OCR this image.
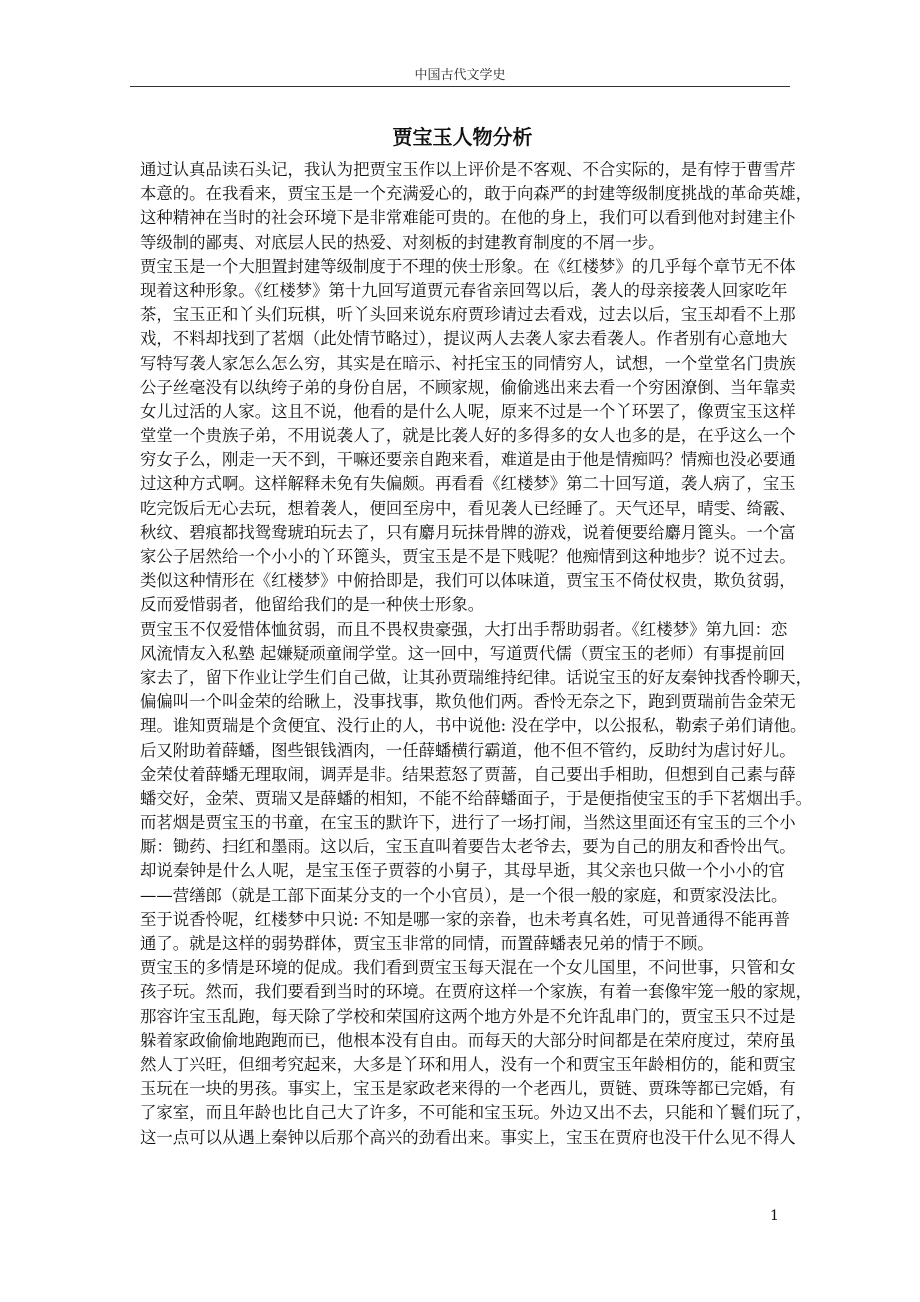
中国古代文学史
贾宝玉人物分析
通过认真品读石头记，我认为把贾宝玉作以上评价是不客观、不合实际的，是有悖于曹雪芹
本意的。在我看来，贾宝玉是一个充满爱心的，敢于向森严的封建等级制度挑战的革命英雄，
这种精神在当时的社会环境下是非常难能可贵的。在他的身上，我们可以看到他对封建主仆
等级制的鄙夷、对底层人民的热爱、对刻板的封建教育制度的不屑一步。
贾宝玉是一个大胆置封建等级制度于不理的侠士形象。在《红楼梦》的几乎每个章节无不体
现着这种形象。《红楼梦》第十九回写道贾元春省亲回驾以后，袭人的母亲接袭人回家吃年
茶，宝玉正和丫头们玩棋，听丫头回来说东府贾珍请过去看戏，过去以后，宝玉却看不上那
戏，不料却找到了茗烟（此处情节略过），提议两人去袭人家去看袭人。作者别有心意地大
写特写袭人家怎么怎么穷，其实是在暗示、衬托宝玉的同情穷人，试想，一个堂堂名门贵族
公子丝毫没有以纨绔子弟的身份自居，不顾家规，偷偷逃出来去看一个穷困潦倒、当年靠卖
女儿过活的人家。这且不说，他看的是什么人呢，原来不过是一个丫环罢了，像贾宝玉这样
堂堂一个贵族子弟，不用说袭人了，就是比袭人好的多得多的女人也多的是，在乎这么一个
穷女子么，刚走一天不到，干嘛还要亲自跑来看，难道是由于他是情痴吗？情痴也没必要通
过这种方式啊。这样解释未免有失偏颇。再看看《红楼梦》第二十回写道，袭人病了，宝玉
吃完饭后无心去玩，想着袭人，便回至房中，看见袭人已经睡了。天气还早，晴雯、绮霰、
秋纹、碧痕都找鸳鸯琥珀玩去了，只有麝月玩抹骨牌的游戏，说着便要给麝月篦头。一个富
家公子居然给一个小小的丫环篦头，贾宝玉是不是下贱呢？他痴情到这种地步？说不过去。
类似这种情形在《红楼梦》中俯拾即是，我们可以体味道，贾宝玉不倚仗权贵，欺负贫弱，
反而爱惜弱者，他留给我们的是一种侠士形象。
贾宝玉不仅爱惜体恤贫弱，而且不畏权贵豪强，大打出手帮助弱者。《红楼梦》第九回：恋
风流情友入私塾 起嫌疑顽童闹学堂。这一回中，写道贾代儒（贾宝玉的老师）有事提前回
家去了，留下作业让学生们自己做，让其孙贾瑞维持纪律。话说宝玉的好友秦钟找香怜聊天，
偏偏叫一个叫金荣的给瞅上，没事找事，欺负他们两。香怜无奈之下，跑到贾瑞前告金荣无
理。谁知贾瑞是个贪便宜、没行止的人，书中说他: 没在学中，以公报私，勒索子弟们请他。
后又附助着薛蟠，图些银钱酒肉，一任薛蟠横行霸道，他不但不管约，反助纣为虐讨好儿。
金荣仗着薛蟠无理取闹，调弄是非。结果惹怒了贾蔷，自己要出手相助，但想到自己素与薛
蟠交好，金荣、贾瑞又是薛蟠的相知，不能不给薛蟠面子，于是便指使宝玉的手下茗烟出手。
而茗烟是贾宝玉的书童，在宝玉的默许下，进行了一场打闹，当然这里面还有宝玉的三个小
厮：锄药、扫红和墨雨。这以后，宝玉直叫着要告太老爷去，要为自己的朋友和香怜出气。
却说秦钟是什么人呢，是宝玉侄子贾蓉的小舅子，其母早逝，其父亲也只做一个小小的官
——营缮郎（就是工部下面某分支的一个小官员），是一个很一般的家庭，和贾家没法比。
至于说香怜呢，红楼梦中只说: 不知是哪一家的亲眷，也未考真名姓，可见普通得不能再普
通了。就是这样的弱势群体，贾宝玉非常的同情，而置薛蟠表兄弟的情于不顾。
贾宝玉的多情是环境的促成。我们看到贾宝玉每天混在一个女儿国里，不问世事，只管和女
孩子玩。然而，我们要看到当时的环境。在贾府这样一个家族，有着一套像牢笼一般的家规，
那容许宝玉乱跑，每天除了学校和荣国府这两个地方外是不允许乱串门的，贾宝玉只不过是
躲着家政偷偷地跑跑而已，他根本没有自由。而每天的大部分时间都是在荣府度过，荣府虽
然人丁兴旺，但细考究起来，大多是丫环和用人，没有一个和贾宝玉年龄相仿的，能和贾宝
玉玩在一块的男孩。事实上，宝玉是家政老来得的一个老西儿，贾链、贾珠等都已完婚，有
了家室，而且年龄也比自己大了许多，不可能和宝玉玩。外边又出不去，只能和丫鬟们玩了，
这一点可以从遇上秦钟以后那个高兴的劲看出来。事实上，宝玉在贾府也没干什么见不得人
1
